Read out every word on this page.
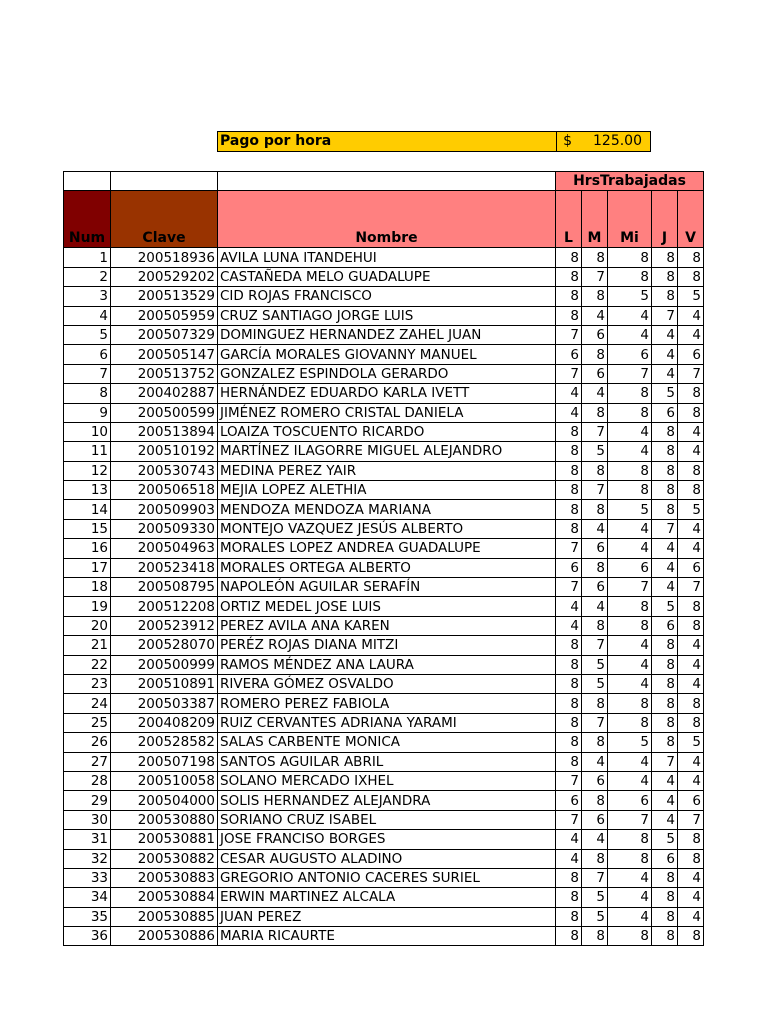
Pago por hora	$	125.00
			HrsTrabajadas				
Num	Clave	Nombre	L	M	Mi	J	V
1	200518936	AVILA LUNA ITANDEHUI	8	8	8	8	8
2	200529202	CASTAÑEDA MELO GUADALUPE	8	7	8	8	8
3	200513529	CID ROJAS FRANCISCO	8	8	5	8	5
4	200505959	CRUZ SANTIAGO JORGE LUIS	8	4	4	7	4
5	200507329	DOMINGUEZ HERNANDEZ ZAHEL JUAN	7	6	4	4	4
6	200505147	GARCÍA MORALES GIOVANNY MANUEL	6	8	6	4	6
7	200513752	GONZALEZ ESPINDOLA GERARDO	7	6	7	4	7
8	200402887	HERNÁNDEZ EDUARDO KARLA IVETT	4	4	8	5	8
9	200500599	JIMÉNEZ ROMERO CRISTAL DANIELA	4	8	8	6	8
10	200513894	LOAIZA TOSCUENTO RICARDO	8	7	4	8	4
11	200510192	MARTÍNEZ ILAGORRE MIGUEL ALEJANDRO	8	5	4	8	4
12	200530743	MEDINA PEREZ YAIR	8	8	8	8	8
13	200506518	MEJIA LOPEZ ALETHIA	8	7	8	8	8
14	200509903	MENDOZA MENDOZA MARIANA	8	8	5	8	5
15	200509330	MONTEJO VAZQUEZ JESÚS ALBERTO	8	4	4	7	4
16	200504963	MORALES LOPEZ ANDREA GUADALUPE	7	6	4	4	4
17	200523418	MORALES ORTEGA ALBERTO	6	8	6	4	6
18	200508795	NAPOLEÓN AGUILAR SERAFÍN	7	6	7	4	7
19	200512208	ORTIZ MEDEL JOSE LUIS	4	4	8	5	8
20	200523912	PEREZ AVILA ANA KAREN	4	8	8	6	8
21	200528070	PERÉZ ROJAS DIANA MITZI	8	7	4	8	4
22	200500999	RAMOS MÉNDEZ ANA LAURA	8	5	4	8	4
23	200510891	RIVERA GÓMEZ OSVALDO	8	5	4	8	4
24	200503387	ROMERO PEREZ FABIOLA	8	8	8	8	8
25	200408209	RUIZ CERVANTES ADRIANA YARAMI	8	7	8	8	8
26	200528582	SALAS CARBENTE MONICA	8	8	5	8	5
27	200507198	SANTOS AGUILAR ABRIL	8	4	4	7	4
28	200510058	SOLANO MERCADO IXHEL	7	6	4	4	4
29	200504000	SOLIS HERNANDEZ ALEJANDRA	6	8	6	4	6
30	200530880	SORIANO CRUZ ISABEL	7	6	7	4	7
31	200530881	JOSE FRANCISO BORGES	4	4	8	5	8
32	200530882	CESAR AUGUSTO ALADINO	4	8	8	6	8
33	200530883	GREGORIO ANTONIO CACERES SURIEL	8	7	4	8	4
34	200530884	ERWIN MARTINEZ ALCALA	8	5	4	8	4
35	200530885	JUAN PEREZ	8	5	4	8	4
36	200530886	MARIA RICAURTE	8	8	8	8	8
